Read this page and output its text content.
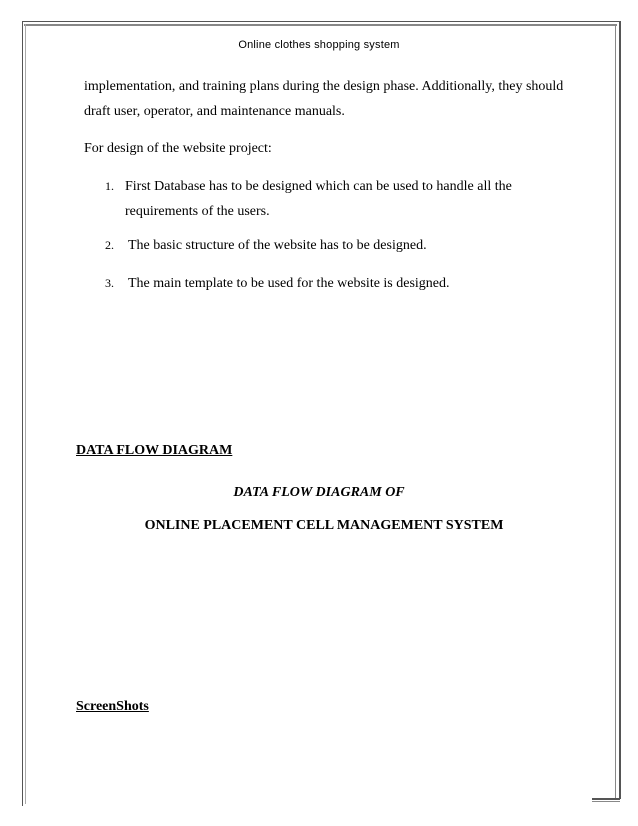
Online clothes shopping system

implementation, and training plans during the design phase. Additionally, they should draft user, operator, and maintenance manuals.

For design of the website project:

1. First Database has to be designed which can be used to handle all the requirements of the users.
2. The basic structure of the website has to be designed.
3. The main template to be used for the website is designed.
DATA FLOW DIAGRAM
DATA FLOW DIAGRAM OF
ONLINE PLACEMENT CELL MANAGEMENT SYSTEM
ScreenShots
